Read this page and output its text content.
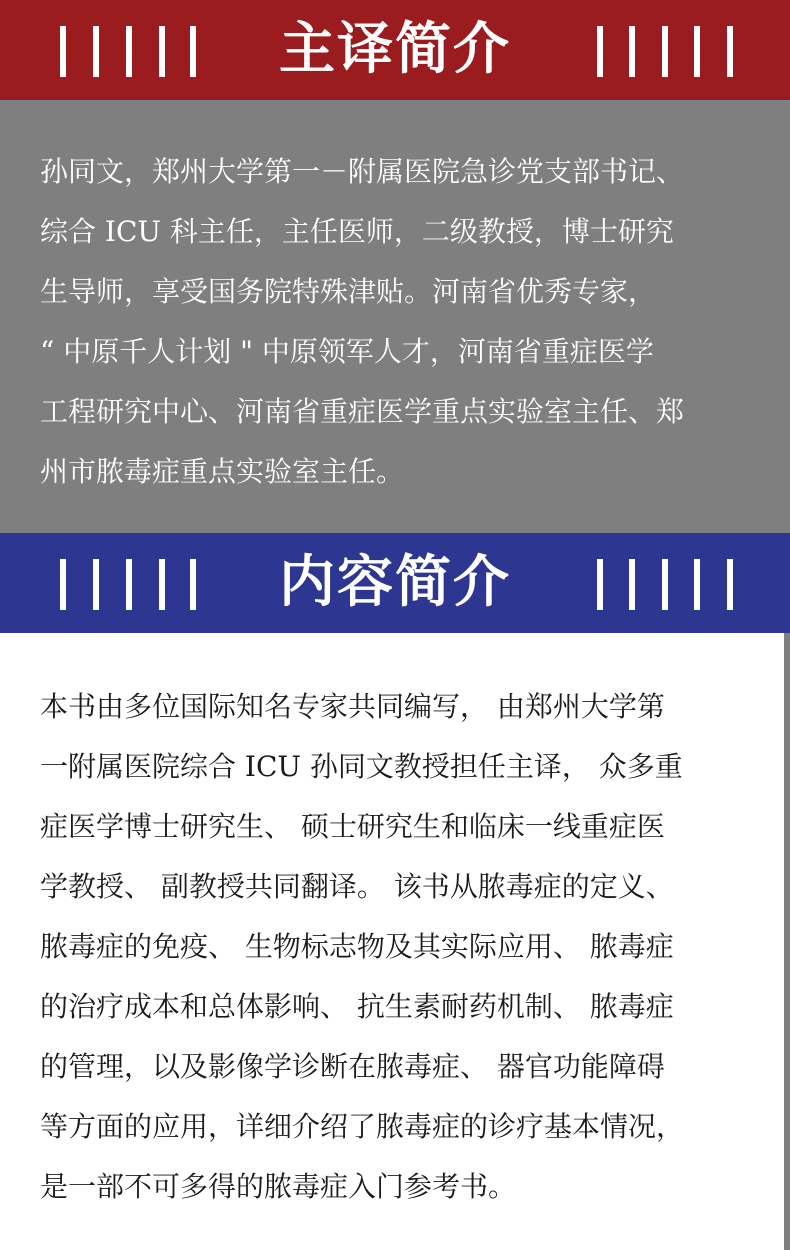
主译简介

孙同文，郑州大学第一－附属医院急诊党支部书记、
综合 ICU 科主任，主任医师，二级教授，博士研究
生导师，享受国务院特殊津贴。河南省优秀专家，
“ 中原千人计划 " 中原领军人才，河南省重症医学
工程研究中心、河南省重症医学重点实验室主任、郑
州市脓毒症重点实验室主任。

内容简介

本书由多位国际知名专家共同编写， 由郑州大学第
一附属医院综合 ICU 孙同文教授担任主译， 众多重
症医学博士研究生、 硕士研究生和临床一线重症医
学教授、 副教授共同翻译。 该书从脓毒症的定义、
脓毒症的免疫、 生物标志物及其实际应用、 脓毒症
的治疗成本和总体影响、 抗生素耐药机制、 脓毒症
的管理，以及影像学诊断在脓毒症、 器官功能障碍
等方面的应用，详细介绍了脓毒症的诊疗基本情况，
是一部不可多得的脓毒症入门参考书。
